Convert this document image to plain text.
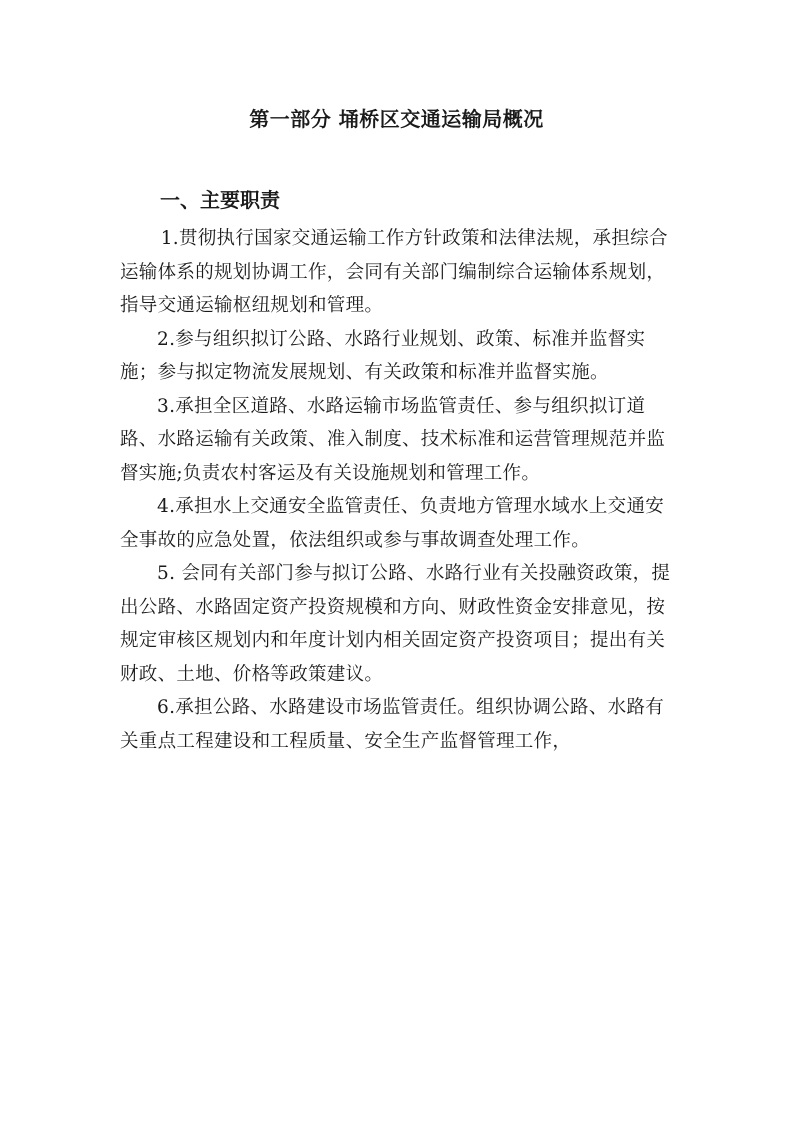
第一部分 埇桥区交通运输局概况
一、主要职责

1.贯彻执行国家交通运输工作方针政策和法律法规，承担综合运输体系的规划协调工作，会同有关部门编制综合运输体系规划，指导交通运输枢纽规划和管理。

2.参与组织拟订公路、水路行业规划、政策、标准并监督实施；参与拟定物流发展规划、有关政策和标准并监督实施。

3.承担全区道路、水路运输市场监管责任、参与组织拟订道路、水路运输有关政策、准入制度、技术标准和运营管理规范并监督实施;负责农村客运及有关设施规划和管理工作。

4.承担水上交通安全监管责任、负责地方管理水域水上交通安全事故的应急处置，依法组织或参与事故调查处理工作。

5. 会同有关部门参与拟订公路、水路行业有关投融资政策，提出公路、水路固定资产投资规模和方向、财政性资金安排意见，按规定审核区规划内和年度计划内相关固定资产投资项目；提出有关财政、土地、价格等政策建议。

6.承担公路、水路建设市场监管责任。组织协调公路、水路有关重点工程建设和工程质量、安全生产监督管理工作，
